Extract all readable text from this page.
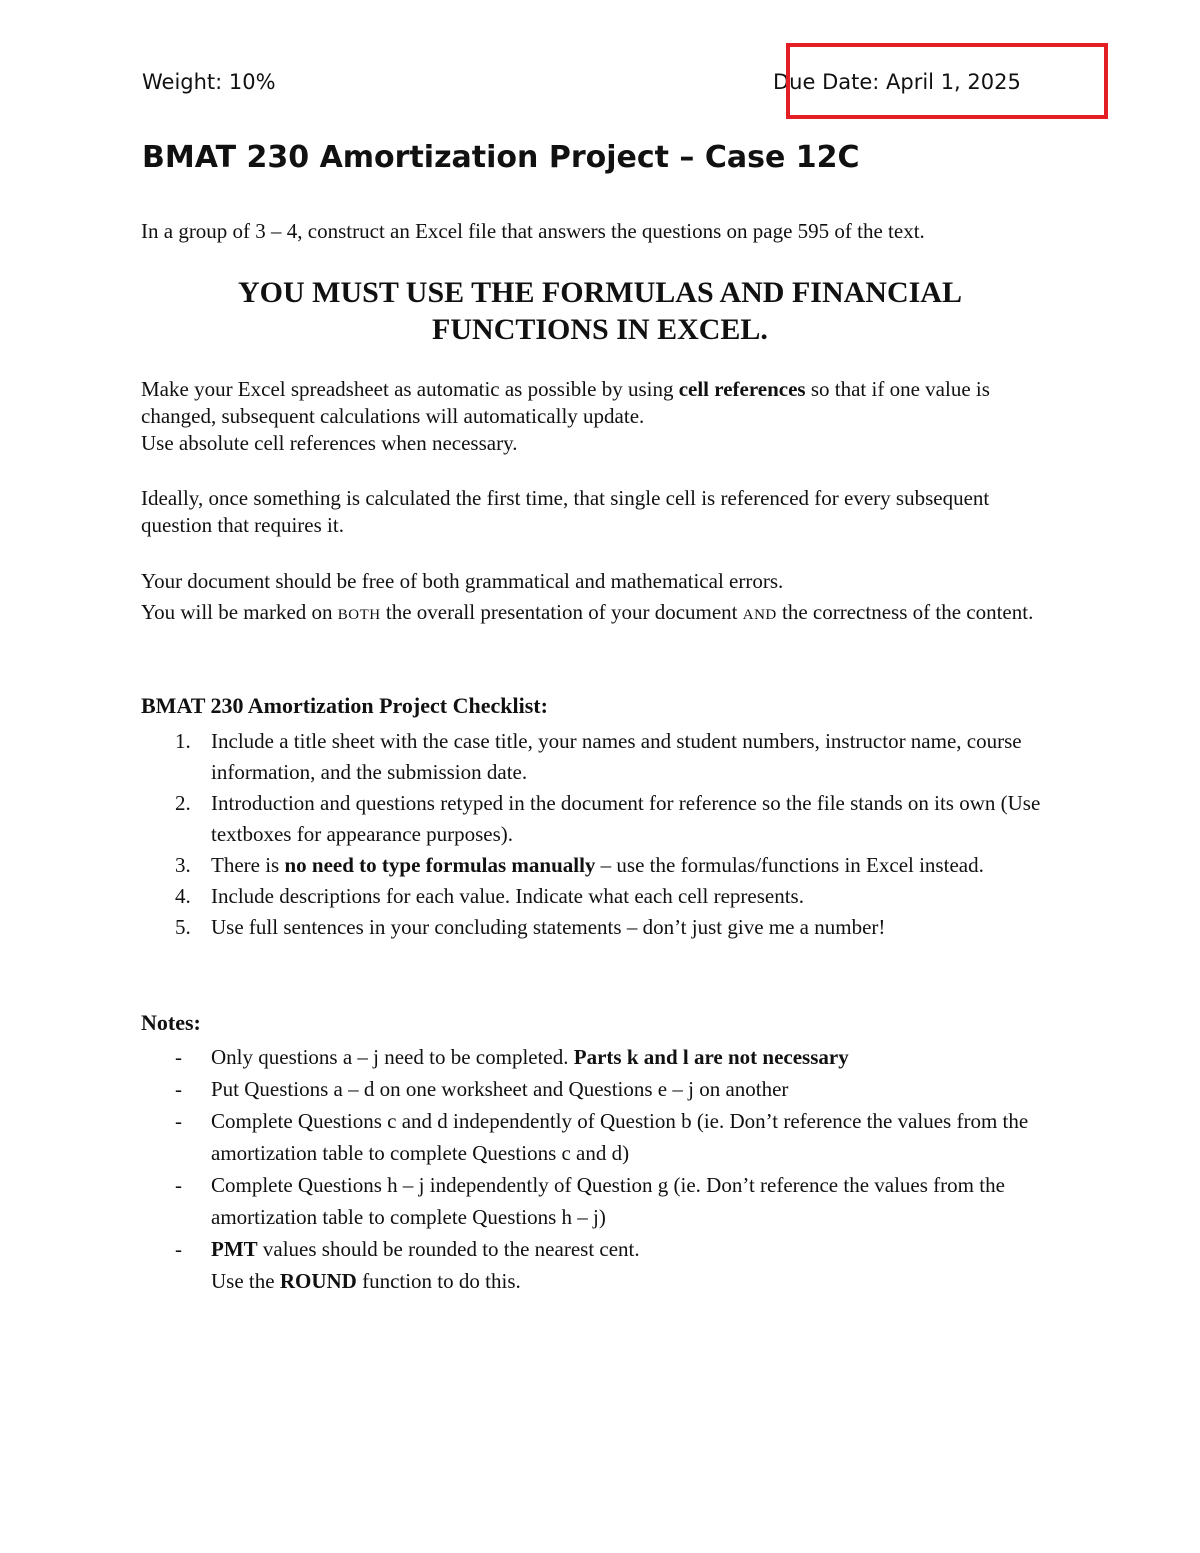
Weight: 10%	Due Date: April 1, 2025
BMAT 230 Amortization Project – Case 12C

In a group of 3 – 4, construct an Excel file that answers the questions on page 595 of the text.

YOU MUST USE THE FORMULAS AND FINANCIAL
FUNCTIONS IN EXCEL.

Make your Excel spreadsheet as automatic as possible by using cell references so that if one value is changed, subsequent calculations will automatically update.
Use absolute cell references when necessary.

Ideally, once something is calculated the first time, that single cell is referenced for every subsequent question that requires it.

Your document should be free of both grammatical and mathematical errors.
You will be marked on BOTH the overall presentation of your document AND the correctness of the content.

BMAT 230 Amortization Project Checklist:
1. Include a title sheet with the case title, your names and student numbers, instructor name, course information, and the submission date.
2. Introduction and questions retyped in the document for reference so the file stands on its own (Use textboxes for appearance purposes).
3. There is no need to type formulas manually – use the formulas/functions in Excel instead.
4. Include descriptions for each value. Indicate what each cell represents.
5. Use full sentences in your concluding statements – don’t just give me a number!
Notes:
- Only questions a – j need to be completed. Parts k and l are not necessary
- Put Questions a – d on one worksheet and Questions e – j on another
- Complete Questions c and d independently of Question b (ie. Don’t reference the values from the amortization table to complete Questions c and d)
- Complete Questions h – j independently of Question g (ie. Don’t reference the values from the amortization table to complete Questions h – j)
- PMT values should be rounded to the nearest cent.
Use the ROUND function to do this.
